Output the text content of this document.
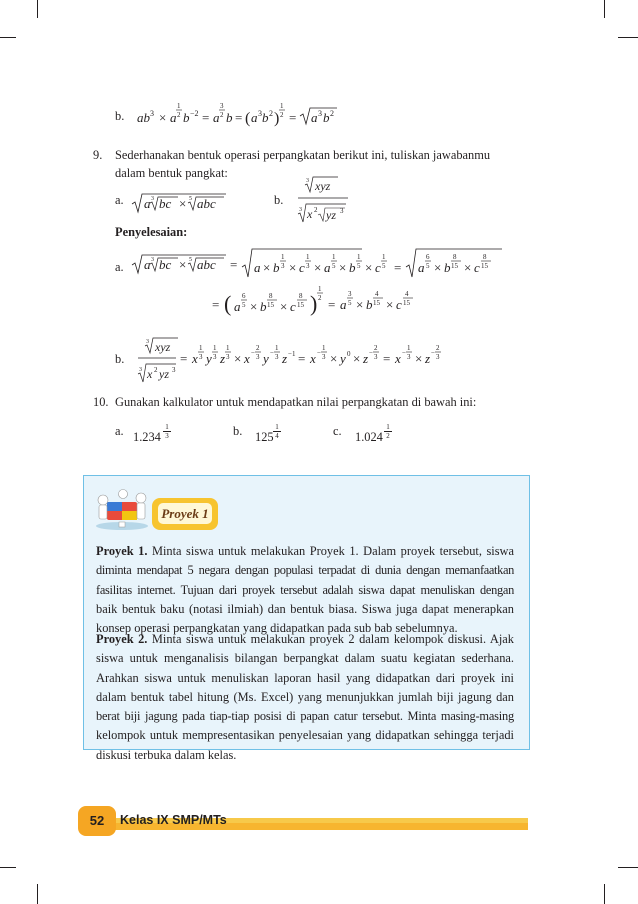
b. ab 3 × a
1
2 b −2 = a
3
2 b = ( a 3 b 2 )
1
2 = a 3 b 2
9. Sederhanakan bentuk operasi perpangkatan berikut ini, tuliskan jawabanmu
dalam bentuk pangkat:
a. a 3 bc × 5 abc	b.
3 xyz
3 x 2 yz 3
Penyelesaian:
a. a 3 bc × 5 abc = a × b
1
3 × c
1
3 × a
1
5 × b
1
5 × c
1
5 = a
6
5 × b
8
15 × c
8
15
= ( a
6
5 × b
8
15 × c
8
15 )
1
2 = a
3
5 × b
4
15 × c
4
15
b.
3 xyz
3 x 2 yz 3
= x
1
3 y
1
3 z
1
3 × x −
2
3 y −
1
3 z −1 = x −
1
3 × y 0 × z −
2
3 = x −
1
3 × z −
2
3
10. Gunakan kalkulator untuk mendapatkan nilai perpangkatan di bawah ini:
a. $1.234 \frac{1}{3}$	b. $125 \frac{1}{4}$	c. $1.024 \frac{1}{2}$
Proyek 1
Proyek 1. Minta siswa untuk melakukan Proyek 1. Dalam proyek tersebut, siswa
diminta mendapat 5 negara dengan populasi terpadat di dunia dengan memanfaatkan
fasilitas internet. Tujuan dari proyek tersebut adalah siswa dapat menuliskan dengan
baik bentuk baku (notasi ilmiah) dan bentuk biasa. Siswa juga dapat menerapkan
konsep operasi perpangkatan yang didapatkan pada sub bab sebelumnya.
Proyek 2. Minta siswa untuk melakukan proyek 2 dalam kelompok diskusi. Ajak
siswa untuk menganalisis bilangan berpangkat dalam suatu kegiatan sederhana.
Arahkan siswa untuk menuliskan laporan hasil yang didapatkan dari proyek ini
dalam bentuk tabel hitung (Ms. Excel) yang menunjukkan jumlah biji jagung dan
berat biji jagung pada tiap-tiap posisi di papan catur tersebut. Minta masing-masing
kelompok untuk mempresentasikan penyelesaian yang didapatkan sehingga terjadi
diskusi terbuka dalam kelas.
52	Kelas IX SMP/MTs
